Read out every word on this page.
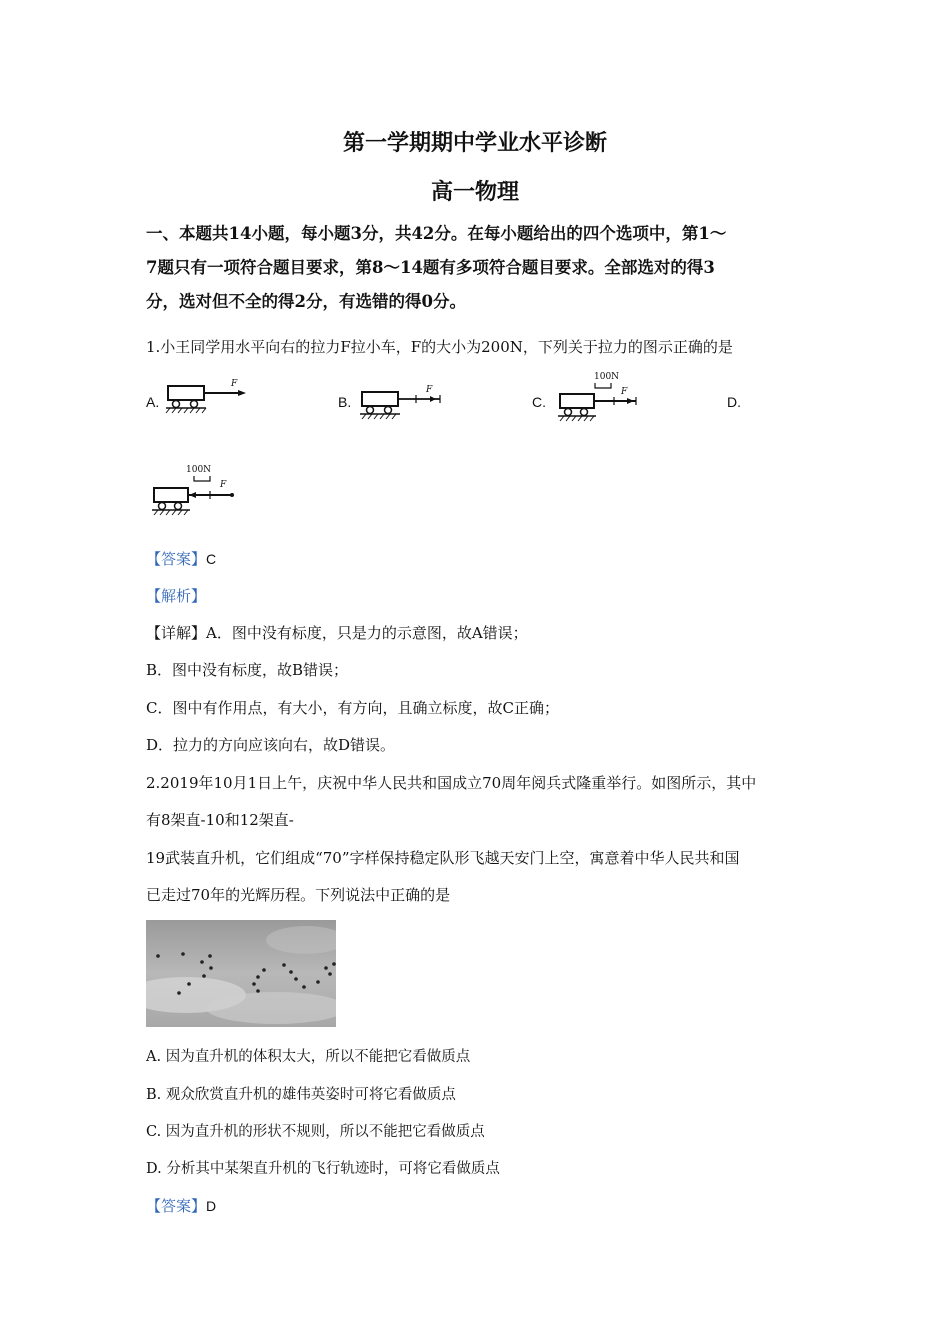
第一学期期中学业水平诊断
高一物理
一、本题共14小题，每小题3分，共42分。在每小题给出的四个选项中，第1～
7题只有一项符合题目要求，第8～14题有多项符合题目要求。全部选对的得3
分，选对但不全的得2分，有选错的得0分。
1.小王同学用水平向右的拉力F拉小车，F的大小为200N，下列关于拉力的图示正确的是
A.	B.	C.	D.
F
F
100N
F
100N
F
【答案】C
【解析】
【详解】A．图中没有标度，只是力的示意图，故A错误；
B．图中没有标度，故B错误；
C．图中有作用点，有大小，有方向，且确立标度，故C正确；
D．拉力的方向应该向右，故D错误。
2.2019年10月1日上午，庆祝中华人民共和国成立70周年阅兵式隆重举行。如图所示，其中
有8架直-10和12架直-
19武装直升机，它们组成“70”字样保持稳定队形飞越天安门上空，寓意着中华人民共和国
已走过70年的光辉历程。下列说法中正确的是
A. 因为直升机的体积太大，所以不能把它看做质点
B. 观众欣赏直升机的雄伟英姿时可将它看做质点
C. 因为直升机的形状不规则，所以不能把它看做质点
D. 分析其中某架直升机的飞行轨迹时，可将它看做质点
【答案】D
